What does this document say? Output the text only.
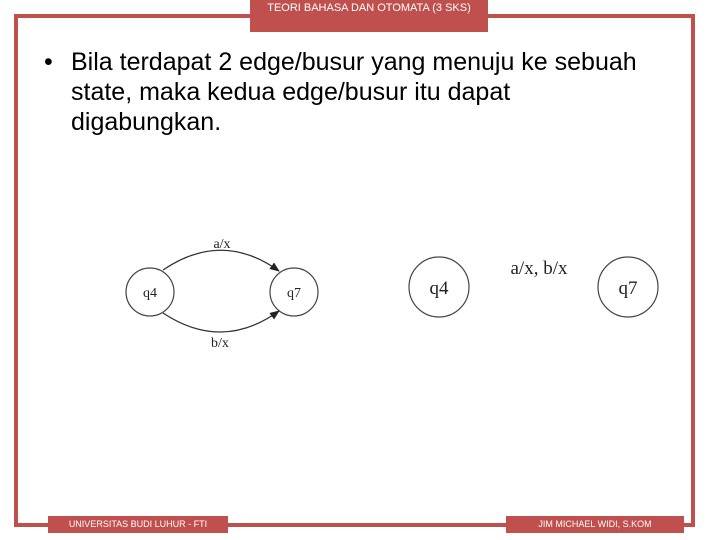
TEORI BAHASA DAN OTOMATA (3 SKS)
• Bila terdapat 2 edge/busur yang menuju ke sebuah state, maka kedua edge/busur itu dapat digabungkan.

q4	q7
a/x
b/x
q4	q7
a/x, b/x
UNIVERSITAS BUDI LUHUR - FTI	JIM MICHAEL WIDI, S.KOM
